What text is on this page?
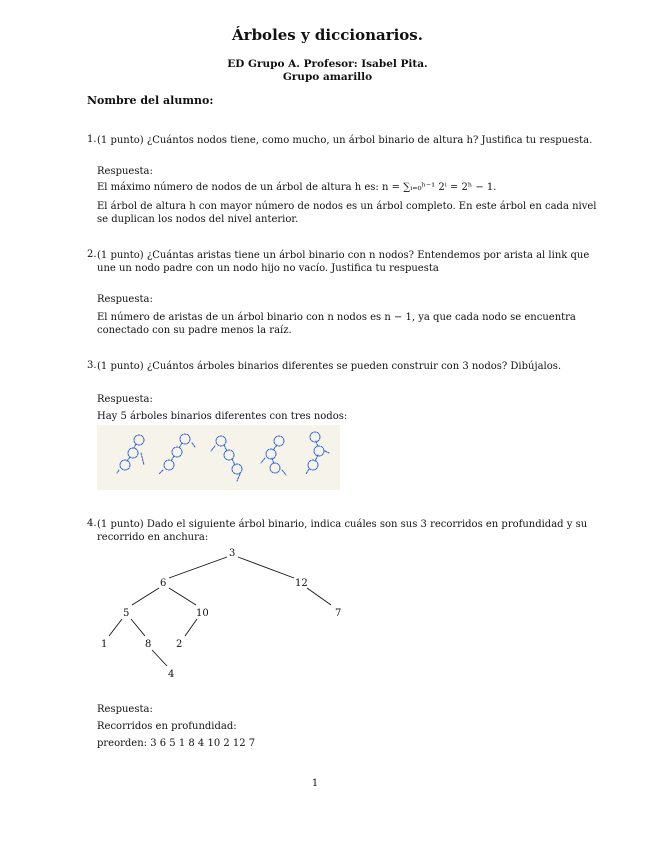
Árboles y diccionarios.
ED Grupo A. Profesor: Isabel Pita.
Grupo amarillo
Nombre del alumno:
1. (1 punto) ¿Cuántos nodos tiene, como mucho, un árbol binario de altura h? Justifica tu respuesta.
Respuesta:
El máximo número de nodos de un árbol de altura h es: n = ∑ᵢ₌₀ʰ⁻¹ 2ⁱ = 2ʰ − 1.
El árbol de altura h con mayor número de nodos es un árbol completo. En este árbol en cada nivel
se duplican los nodos del nivel anterior.
2. (1 punto) ¿Cuántas aristas tiene un árbol binario con n nodos? Entendemos por arista al link que
une un nodo padre con un nodo hijo no vacío. Justifica tu respuesta
Respuesta:
El número de aristas de un árbol binario con n nodos es n − 1, ya que cada nodo se encuentra
conectado con su padre menos la raíz.
3. (1 punto) ¿Cuántos árboles binarios diferentes se pueden construir con 3 nodos? Dibújalos.
Respuesta:
Hay 5 árboles binarios diferentes con tres nodos:
4. (1 punto) Dado el siguiente árbol binario, indica cuáles son sus 3 recorridos en profundidad y su
recorrido en anchura:
3
6	12
5	10	7
1	8 2
4
Respuesta:
Recorridos en profundidad:
preorden: 3 6 5 1 8 4 10 2 12 7
1
